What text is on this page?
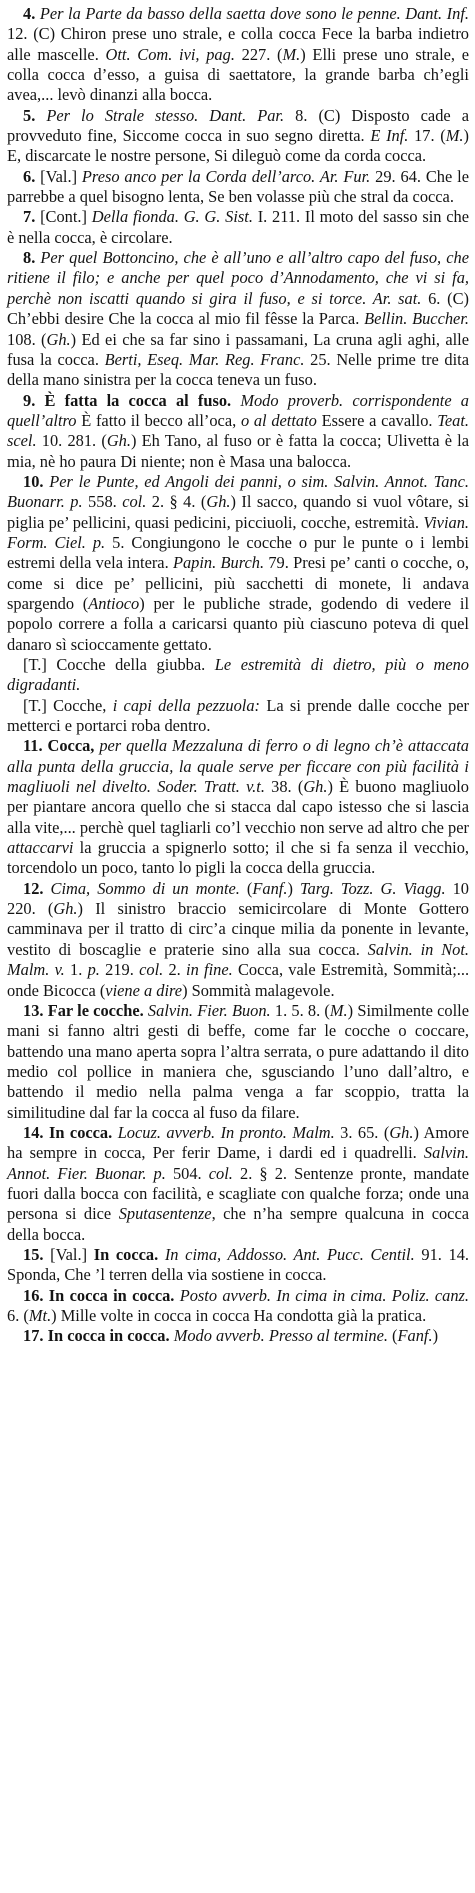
4. Per la Parte da basso della saetta dove sono le penne. Dant. Inf. 12. (C) Chiron prese uno strale, e colla cocca Fece la barba indietro alle mascelle. Ott. Com. ivi, pag. 227. (M.) Elli prese uno strale, e colla cocca d’esso, a guisa di saettatore, la grande barba ch’egli avea,... levò dinanzi alla bocca.

5. Per lo Strale stesso. Dant. Par. 8. (C) Disposto cade a provveduto fine, Siccome cocca in suo segno diretta. E Inf. 17. (M.) E, discarcate le nostre persone, Si dileguò come da corda cocca.

6. [Val.] Preso anco per la Corda dell’arco. Ar. Fur. 29. 64. Che le parrebbe a quel bisogno lenta, Se ben volasse più che stral da cocca.

7. [Cont.] Della fionda. G. G. Sist. I. 211. Il moto del sasso sin che è nella cocca, è circolare.

8. Per quel Bottoncino, che è all’uno e all’altro capo del fuso, che ritiene il filo; e anche per quel poco d’Annodamento, che vi si fa, perchè non iscatti quando si gira il fuso, e si torce. Ar. sat. 6. (C) Ch’ebbi desire Che la cocca al mio fil fêsse la Parca. Bellin. Buccher. 108. (Gh.) Ed ei che sa far sino i passamani, La cruna agli aghi, alle fusa la cocca. Berti, Eseq. Mar. Reg. Franc. 25. Nelle prime tre dita della mano sinistra per la cocca teneva un fuso.

9. È fatta la cocca al fuso. Modo proverb. corrispondente a quell’altro È fatto il becco all’oca, o al dettato Essere a cavallo. Teat. scel. 10. 281. (Gh.) Eh Tano, al fuso or è fatta la cocca; Ulivetta è la mia, nè ho paura Di niente; non è Masa una balocca.

10. Per le Punte, ed Angoli dei panni, o sim. Salvin. Annot. Tanc. Buonarr. p. 558. col. 2. § 4. (Gh.) Il sacco, quando si vuol vôtare, si piglia pe’ pellicini, quasi pedicini, picciuoli, cocche, estremità. Vivian. Form. Ciel. p. 5. Congiungono le cocche o pur le punte o i lembi estremi della vela intera. Papin. Burch. 79. Presi pe’ canti o cocche, o, come si dice pe’ pellicini, più sacchetti di monete, li andava spargendo (Antioco) per le publiche strade, godendo di vedere il popolo correre a folla a caricarsi quanto più ciascuno poteva di quel danaro sì scioccamente gettato.

[T.] Cocche della giubba. Le estremità di dietro, più o meno digradanti.

[T.] Cocche, i capi della pezzuola: La si prende dalle cocche per metterci e portarci roba dentro.

11. Cocca, per quella Mezzaluna di ferro o di legno ch’è attaccata alla punta della gruccia, la quale serve per ficcare con più facilità i magliuoli nel divelto. Soder. Tratt. v.t. 38. (Gh.) È buono magliuolo per piantare ancora quello che si stacca dal capo istesso che si lascia alla vite,... perchè quel tagliarli co’l vecchio non serve ad altro che per attaccarvi la gruccia a spignerlo sotto; il che si fa senza il vecchio, torcendolo un poco, tanto lo pigli la cocca della gruccia.

12. Cima, Sommo di un monte. (Fanf.) Targ. Tozz. G. Viagg. 10 220. (Gh.) Il sinistro braccio semicircolare di Monte Gottero camminava per il tratto di circ’a cinque milia da ponente in levante, vestito di boscaglie e praterie sino alla sua cocca. Salvin. in Not. Malm. v. 1. p. 219. col. 2. in fine. Cocca, vale Estremità, Sommità;... onde Bicocca (viene a dire) Sommità malagevole.

13. Far le cocche. Salvin. Fier. Buon. 1. 5. 8. (M.) Similmente colle mani si fanno altri gesti di beffe, come far le cocche o coccare, battendo una mano aperta sopra l’altra serrata, o pure adattando il dito medio col pollice in maniera che, sgusciando l’uno dall’altro, e battendo il medio nella palma venga a far scoppio, tratta la similitudine dal far la cocca al fuso da filare.

14. In cocca. Locuz. avverb. In pronto. Malm. 3. 65. (Gh.) Amore ha sempre in cocca, Per ferir Dame, i dardi ed i quadrelli. Salvin. Annot. Fier. Buonar. p. 504. col. 2. § 2. Sentenze pronte, mandate fuori dalla bocca con facilità, e scagliate con qualche forza; onde una persona si dice Sputasentenze, che n’ha sempre qualcuna in cocca della bocca.

15. [Val.] In cocca. In cima, Addosso. Ant. Pucc. Centil. 91. 14. Sponda, Che ’l terren della via sostiene in cocca.

16. In cocca in cocca. Posto avverb. In cima in cima. Poliz. canz. 6. (Mt.) Mille volte in cocca in cocca Ha condotta già la pratica.

17. In cocca in cocca. Modo avverb. Presso al termine. (Fanf.)
